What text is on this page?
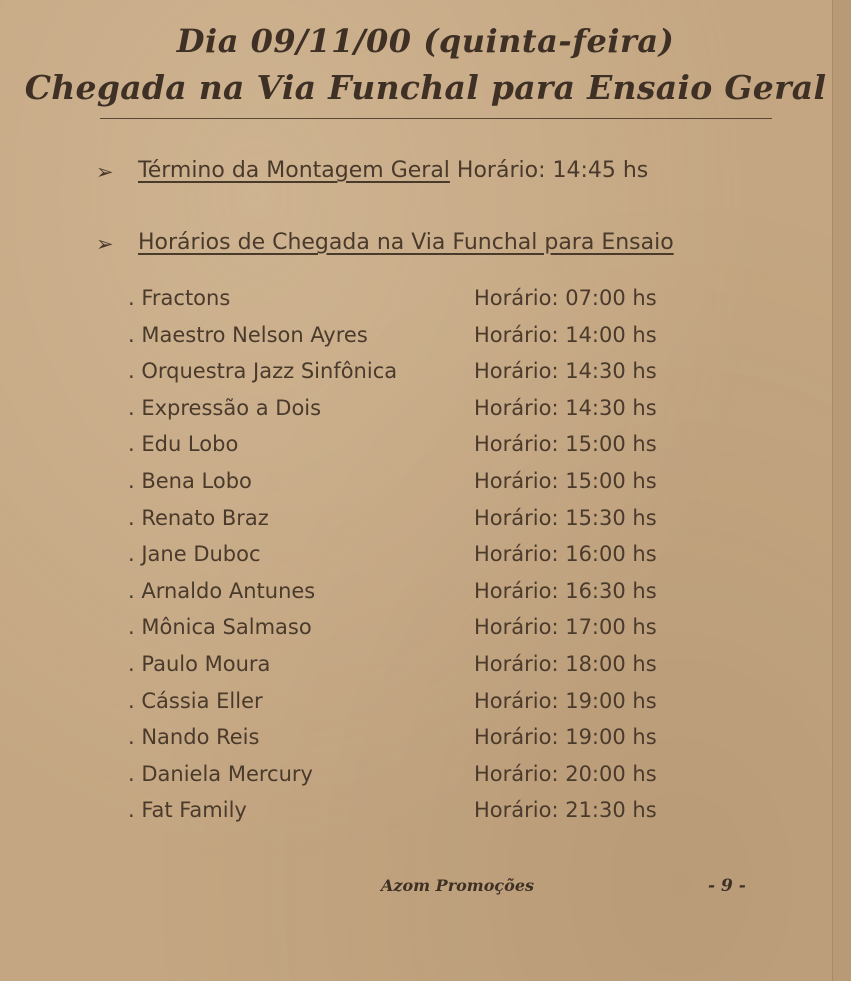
Dia 09/11/00 (quinta-feira)
Chegada na Via Funchal para Ensaio Geral
➢ Término da Montagem Geral Horário: 14:45 hs
➢ Horários de Chegada na Via Funchal para Ensaio
. Fractons	Horário: 07:00 hs
. Maestro Nelson Ayres	Horário: 14:00 hs
. Orquestra Jazz Sinfônica	Horário: 14:30 hs
. Expressão a Dois	Horário: 14:30 hs
. Edu Lobo	Horário: 15:00 hs
. Bena Lobo	Horário: 15:00 hs
. Renato Braz	Horário: 15:30 hs
. Jane Duboc	Horário: 16:00 hs
. Arnaldo Antunes	Horário: 16:30 hs
. Mônica Salmaso	Horário: 17:00 hs
. Paulo Moura	Horário: 18:00 hs
. Cássia Eller	Horário: 19:00 hs
. Nando Reis	Horário: 19:00 hs
. Daniela Mercury	Horário: 20:00 hs
. Fat Family	Horário: 21:30 hs
Azom Promoções	- 9 -
